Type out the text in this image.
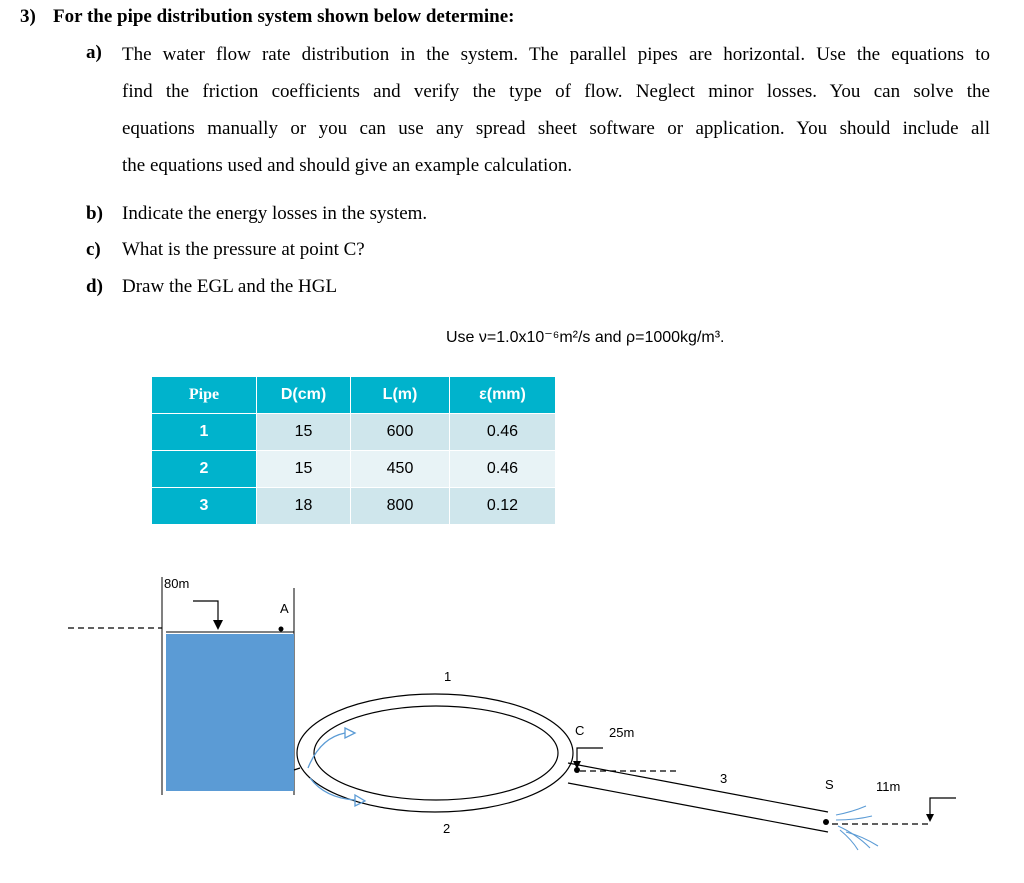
3) For the pipe distribution system shown below determine:
a) The water flow rate distribution in the system. The parallel pipes are horizontal. Use the equations to
find the friction coefficients and verify the type of flow. Neglect minor losses. You can solve the
equations manually or you can use any spread sheet software or application. You should include all
the equations used and should give an example calculation.
b) Indicate the energy losses in the system.
c) What is the pressure at point C?
d) Draw the EGL and the HGL
Use ν=1.0x10⁻⁶m²/s and ρ=1000kg/m³.
Pipe	D(cm)	L(m)	ε(mm)
1	15	600	0.46
2	15	450	0.46
3	18	800	0.12
80m
A
1
2
C 25m
3	S	11m
